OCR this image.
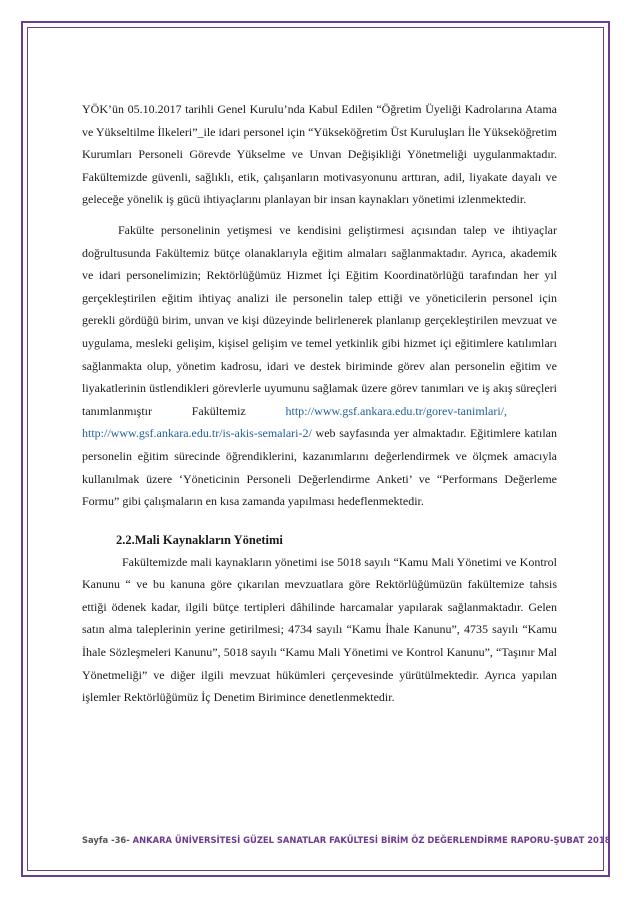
YÖK’ün 05.10.2017 tarihli Genel Kurulu’nda Kabul Edilen “Öğretim Üyeliği Kadrolarına Atama ve Yükseltilme İlkeleri”_ile idari personel için “Yükseköğretim Üst Kuruluşları İle Yükseköğretim Kurumları Personeli Görevde Yükselme ve Unvan Değişikliği Yönetmeliği uygulanmaktadır. Fakültemizde güvenli, sağlıklı, etik, çalışanların motivasyonunu arttıran, adil, liyakate dayalı ve geleceğe yönelik iş gücü ihtiyaçlarını planlayan bir insan kaynakları yönetimi izlenmektedir.

Fakülte personelinin yetişmesi ve kendisini geliştirmesi açısından talep ve ihtiyaçlar doğrultusunda Fakültemiz bütçe olanaklarıyla eğitim almaları sağlanmaktadır. Ayrıca, akademik ve idari personelimizin; Rektörlüğümüz Hizmet İçi Eğitim Koordinatörlüğü tarafından her yıl gerçekleştirilen eğitim ihtiyaç analizi ile personelin talep ettiği ve yöneticilerin personel için gerekli gördüğü birim, unvan ve kişi düzeyinde belirlenerek planlanıp gerçekleştirilen mevzuat ve uygulama, mesleki gelişim, kişisel gelişim ve temel yetkinlik gibi hizmet içi eğitimlere katılımları sağlanmakta olup, yönetim kadrosu, idari ve destek biriminde görev alan personelin eğitim ve liyakatlerinin üstlendikleri görevlerle uyumunu sağlamak üzere görev tanımları ve iş akış süreçleri tanımlanmıştır Fakültemiz http://www.gsf.ankara.edu.tr/gorev-tanimlari/,http://www.gsf.ankara.edu.tr/is-akis-semalari-2/ web sayfasında yer almaktadır. Eğitimlere katılan personelin eğitim sürecinde öğrendiklerini, kazanımlarını değerlendirmek ve ölçmek amacıyla kullanılmak üzere ‘Yöneticinin Personeli Değerlendirme Anketi’ ve “Performans Değerleme Formu” gibi çalışmaların en kısa zamanda yapılması hedeflenmektedir.

2.2.Mali Kaynakların Yönetimi

Fakültemizde mali kaynakların yönetimi ise 5018 sayılı “Kamu Mali Yönetimi ve Kontrol Kanunu “ ve bu kanuna göre çıkarılan mevzuatlara göre Rektörlüğümüzün fakültemize tahsis ettiği ödenek kadar, ilgili bütçe tertipleri dâhilinde harcamalar yapılarak sağlanmaktadır. Gelen satın alma taleplerinin yerine getirilmesi; 4734 sayılı “Kamu İhale Kanunu”, 4735 sayılı “Kamu İhale Sözleşmeleri Kanunu”, 5018 sayılı “Kamu Mali Yönetimi ve Kontrol Kanunu”, “Taşınır Mal Yönetmeliği” ve diğer ilgili mevzuat hükümleri çerçevesinde yürütülmektedir. Ayrıca yapılan işlemler Rektörlüğümüz İç Denetim Birimince denetlenmektedir.

Sayfa -36- ANKARA ÜNİVERSİTESİ GÜZEL SANATLAR FAKÜLTESİ BİRİM ÖZ DEĞERLENDİRME RAPORU-ŞUBAT 2018
